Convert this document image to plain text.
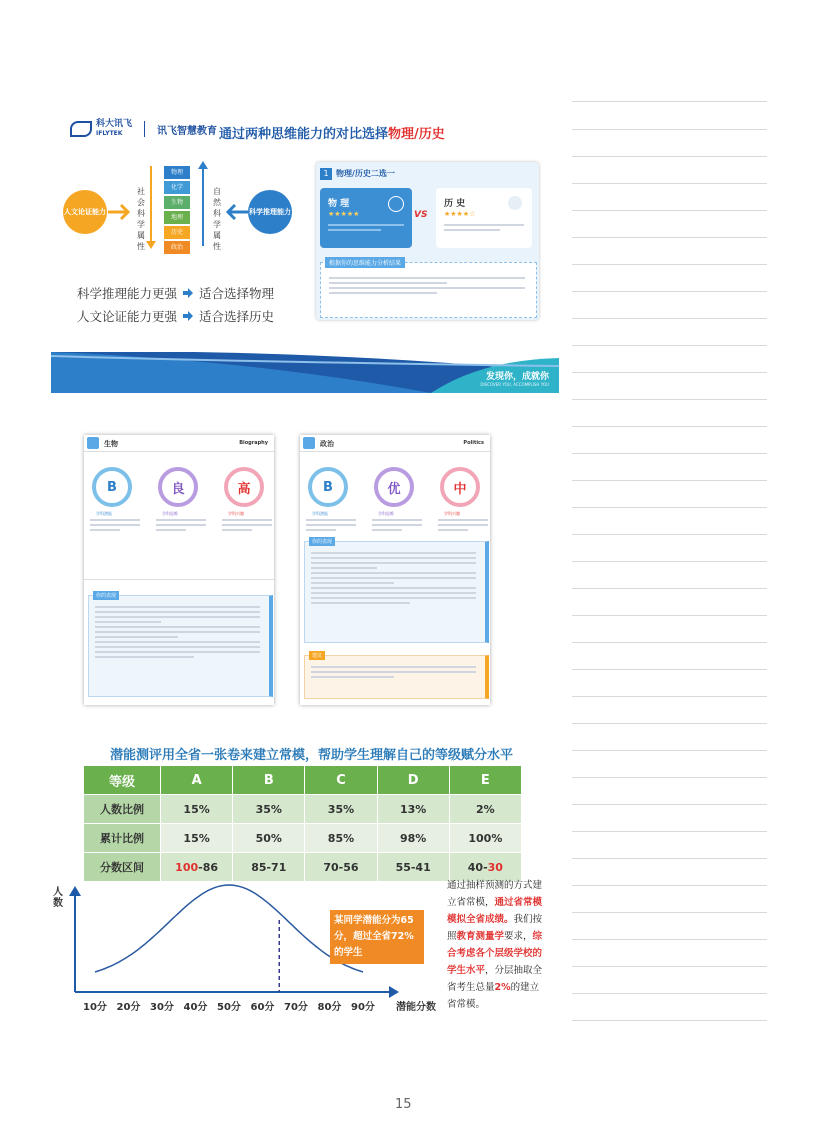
科大讯飞
IFLYTEK	讯飞智慧教育 通过两种思维能力的对比选择物理/历史
人文论证能力	科学推理能力
社会科学属性
自然科学属性
物理
化学
生物
地理
历史
政治
科学推理能力更强 适合选择物理
人文论证能力更强 适合选择历史
1 物理/历史二选一
物 理
★★★★★	VS
历 史
★★★★☆
根据你的思维能力分析结果
发现你，成就你
DISCOVER YOU, ACCOMPLISH YOU
生物	Biography
B	良	高
学科潜能	学科思维	学科兴趣
你的表现
政治	Politics
B	优	中
学科潜能	学科思维	学科兴趣
你的表现
建议
潜能测评用全省一张卷来建立常模，帮助学生理解自己的等级赋分水平
等级	A	B	C	D	E
人数比例	15%	35%	35%	13%	2%
累计比例	15%	50%	85%	98%	100%
分数区间	100-86	85-71	70-56	55-41	40-30
人数
某同学潜能分为65分，超过全省72%的学生
10分 20分 30分 40分 50分 60分 70分 80分 90分 潜能分数
通过抽样预测的方式建立省常模，通过省常模模拟全省成绩。我们按照教育测量学要求，综合考虑各个层级学校的学生水平，分层抽取全省考生总量2%的建立省常模。
15
